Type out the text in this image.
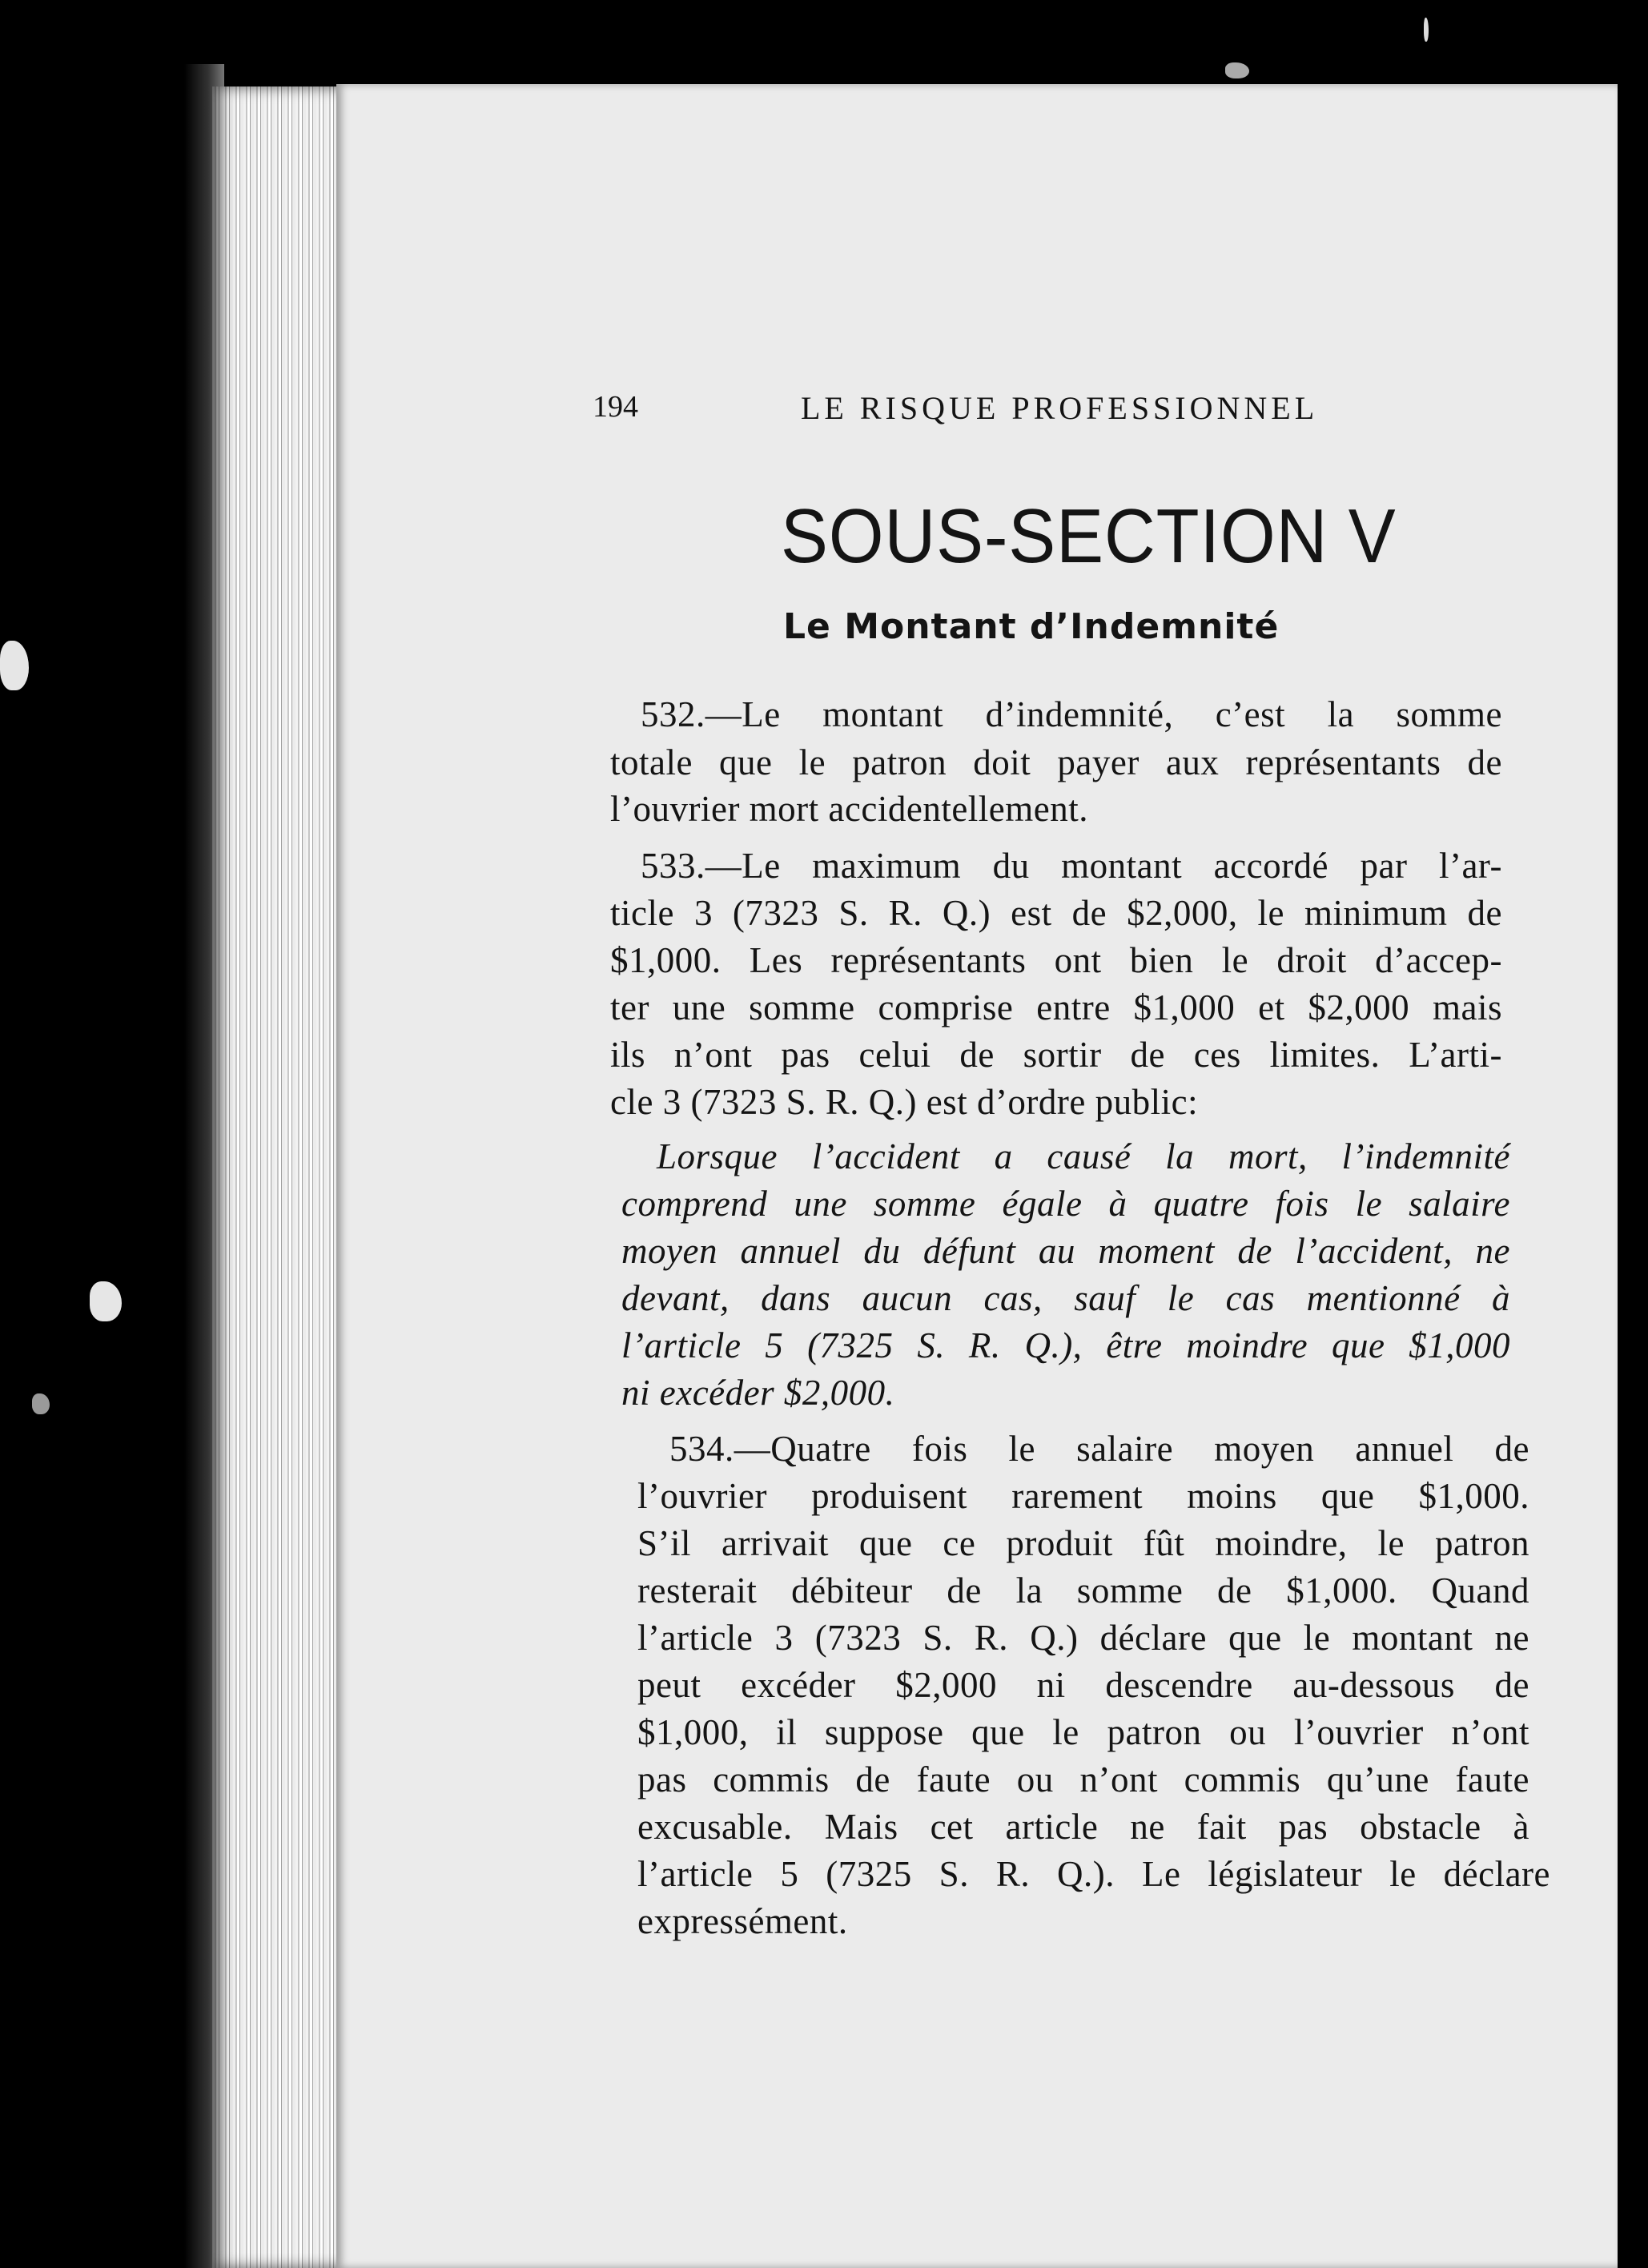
194	LE RISQUE PROFESSIONNEL
SOUS-SECTION V
Le Montant d’Indemnité
532.—Le montant d’indemnité, c’est la somme
totale que le patron doit payer aux représentants de
l’ouvrier mort accidentellement.
533.—Le maximum du montant accordé par l’ar-
ticle 3 (7323 S. R. Q.) est de $2,000, le minimum de
$1,000. Les représentants ont bien le droit d’accep-
ter une somme comprise entre $1,000 et $2,000 mais
ils n’ont pas celui de sortir de ces limites. L’arti-
cle 3 (7323 S. R. Q.) est d’ordre public:
Lorsque l’accident a causé la mort, l’indemnité
comprend une somme égale à quatre fois le salaire
moyen annuel du défunt au moment de l’accident, ne
devant, dans aucun cas, sauf le cas mentionné à
l’article 5 (7325 S. R. Q.), être moindre que $1,000
ni excéder $2,000.
534.—Quatre fois le salaire moyen annuel de
l’ouvrier produisent rarement moins que $1,000.
S’il arrivait que ce produit fût moindre, le patron
resterait débiteur de la somme de $1,000. Quand
l’article 3 (7323 S. R. Q.) déclare que le montant ne
peut excéder $2,000 ni descendre au-dessous de
$1,000, il suppose que le patron ou l’ouvrier n’ont
pas commis de faute ou n’ont commis qu’une faute
excusable. Mais cet article ne fait pas obstacle à
l’article 5 (7325 S. R. Q.). Le législateur le déclare
expressément.
